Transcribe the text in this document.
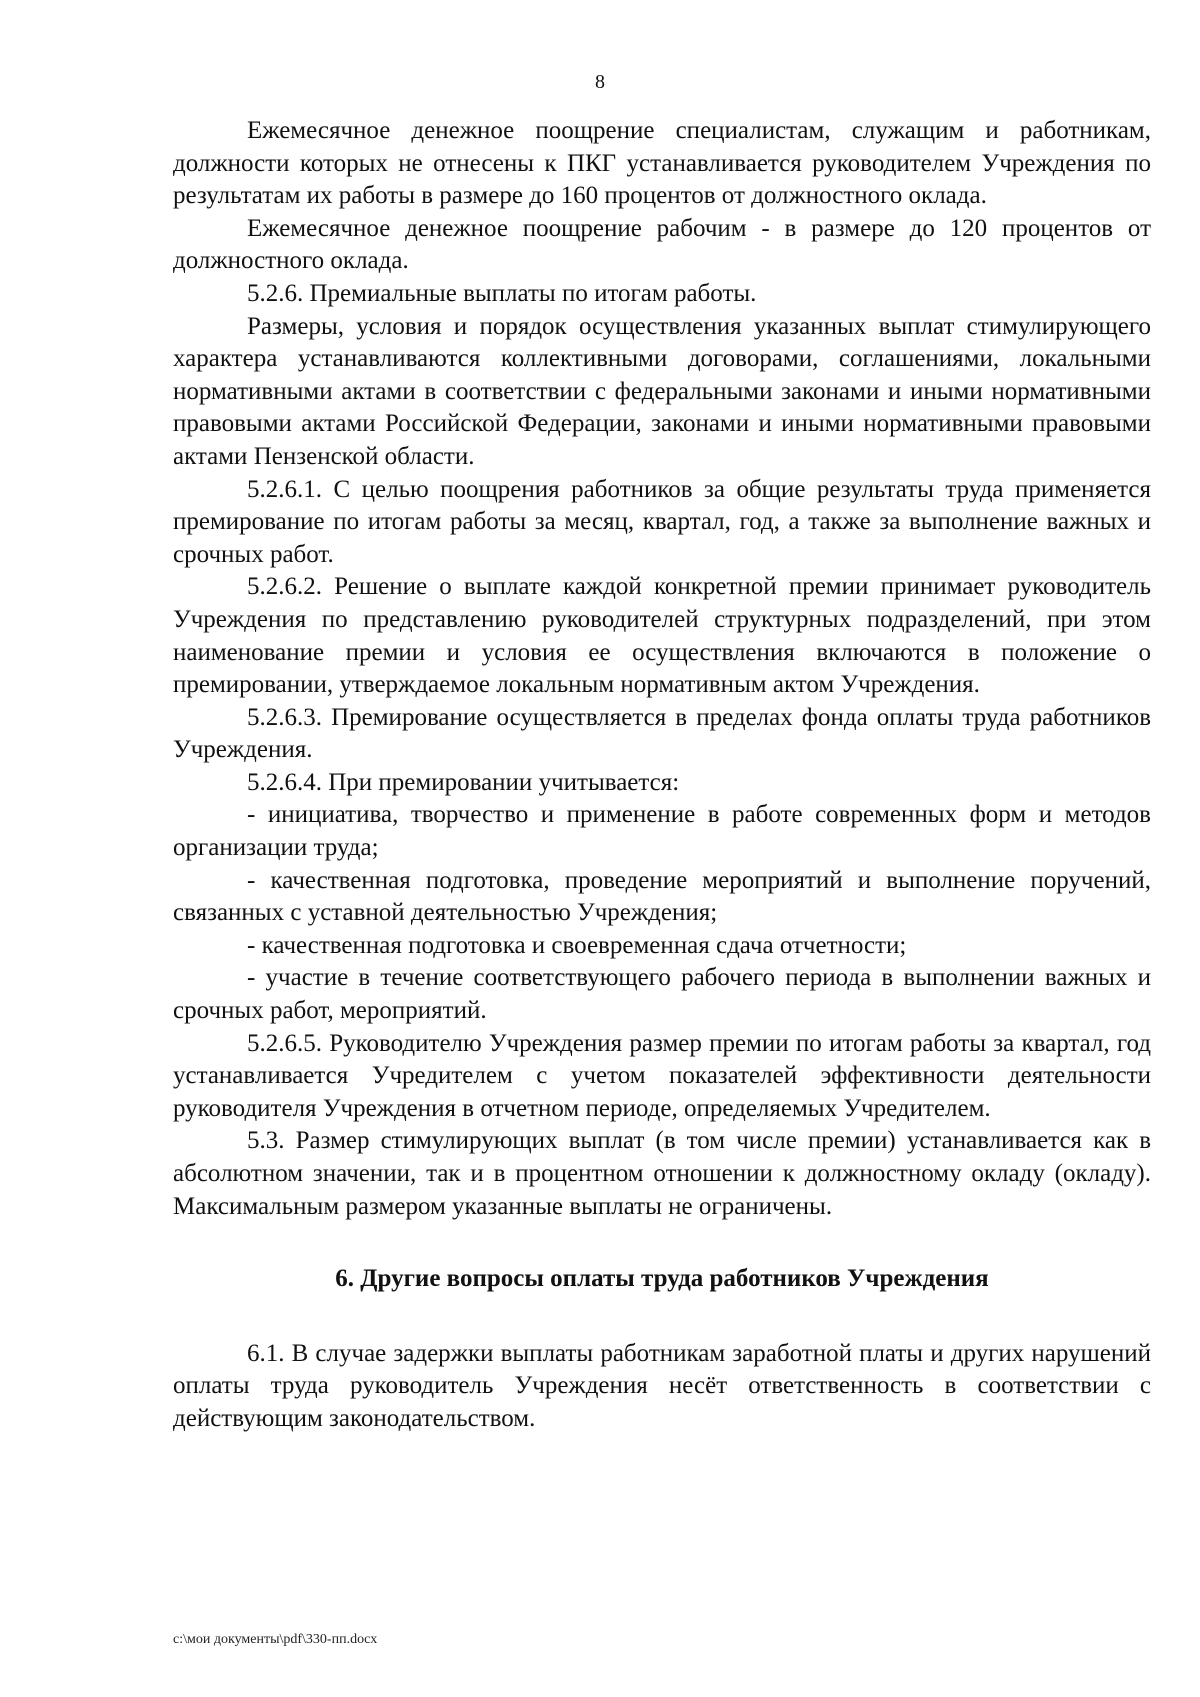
8

Ежемесячное денежное поощрение специалистам, служащим и работникам, должности которых не отнесены к ПКГ устанавливается руководителем Учреждения по результатам их работы в размере до 160 процентов от должностного оклада.

Ежемесячное денежное поощрение рабочим - в размере до 120 процентов от должностного оклада.

5.2.6. Премиальные выплаты по итогам работы.

Размеры, условия и порядок осуществления указанных выплат стимулирующего характера устанавливаются коллективными договорами, соглашениями, локальными нормативными актами в соответствии с федеральными законами и иными нормативными правовыми актами Российской Федерации, законами и иными нормативными правовыми актами Пензенской области.

5.2.6.1. С целью поощрения работников за общие результаты труда применяется премирование по итогам работы за месяц, квартал, год, а также за выполнение важных и срочных работ.

5.2.6.2. Решение о выплате каждой конкретной премии принимает руководитель Учреждения по представлению руководителей структурных подразделений, при этом наименование премии и условия ее осуществления включаются в положение о премировании, утверждаемое локальным нормативным актом Учреждения.

5.2.6.3. Премирование осуществляется в пределах фонда оплаты труда работников Учреждения.

5.2.6.4. При премировании учитывается:

- инициатива, творчество и применение в работе современных форм и методов организации труда;

- качественная подготовка, проведение мероприятий и выполнение поручений, связанных с уставной деятельностью Учреждения;

- качественная подготовка и своевременная сдача отчетности;

- участие в течение соответствующего рабочего периода в выполнении важных и срочных работ, мероприятий.

5.2.6.5. Руководителю Учреждения размер премии по итогам работы за квартал, год устанавливается Учредителем с учетом показателей эффективности деятельности руководителя Учреждения в отчетном периоде, определяемых Учредителем.

5.3. Размер стимулирующих выплат (в том числе премии) устанавливается как в абсолютном значении, так и в процентном отношении к должностному окладу (окладу). Максимальным размером указанные выплаты не ограничены.

6. Другие вопросы оплаты труда работников Учреждения

6.1. В случае задержки выплаты работникам заработной платы и других нарушений оплаты труда руководитель Учреждения несёт ответственность в соответствии с действующим законодательством.

c:\мои документы\pdf\330-пп.docx
